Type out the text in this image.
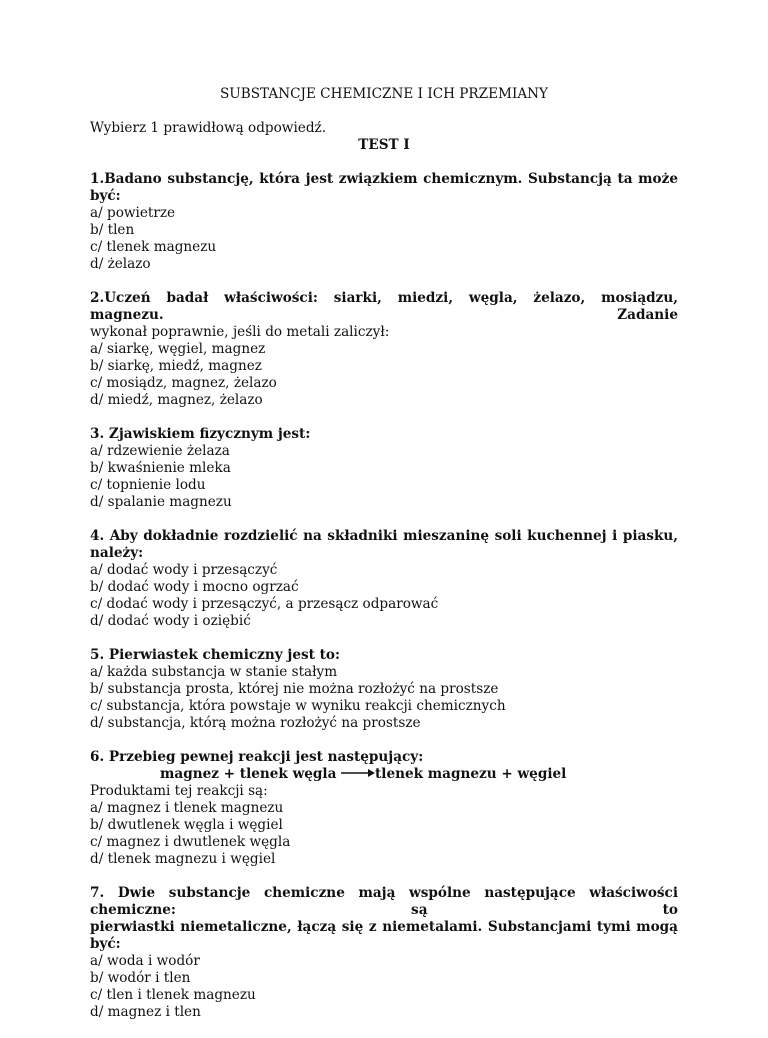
SUBSTANCJE CHEMICZNE I ICH PRZEMIANY

Wybierz 1 prawidłową odpowiedź.

TEST I

1.Badano substancję, która jest związkiem chemicznym. Substancją ta może być:

a/ powietrze

b/ tlen

c/ tlenek magnezu

d/ żelazo

2.Uczeń badał właściwości: siarki, miedzi, węgla, żelazo, mosiądzu, magnezu. Zadanie

wykonał poprawnie, jeśli do metali zaliczył:

a/ siarkę, węgiel, magnez

b/ siarkę, miedź, magnez

c/ mosiądz, magnez, żelazo

d/ miedź, magnez, żelazo

3. Zjawiskiem fizycznym jest:

a/ rdzewienie żelaza

b/ kwaśnienie mleka

c/ topnienie lodu

d/ spalanie magnezu

4. Aby dokładnie rozdzielić na składniki mieszaninę soli kuchennej i piasku, należy:

a/ dodać wody i przesączyć

b/ dodać wody i mocno ogrzać

c/ dodać wody i przesączyć, a przesącz odparować

d/ dodać wody i oziębić

5. Pierwiastek chemiczny jest to:

a/ każda substancja w stanie stałym

b/ substancja prosta, której nie można rozłożyć na prostsze

c/ substancja, która powstaje w wyniku reakcji chemicznych

d/ substancja, którą można rozłożyć na prostsze

6. Przebieg pewnej reakcji jest następujący:

magnez + tlenek węgla → tlenek magnezu + węgiel

Produktami tej reakcji są:

a/ magnez i tlenek magnezu

b/ dwutlenek węgla i węgiel

c/ magnez i dwutlenek węgla

d/ tlenek magnezu i węgiel

7. Dwie substancje chemiczne mają wspólne następujące właściwości chemiczne: są to

pierwiastki niemetaliczne, łączą się z niemetalami. Substancjami tymi mogą być:

a/ woda i wodór

b/ wodór i tlen

c/ tlen i tlenek magnezu

d/ magnez i tlen
